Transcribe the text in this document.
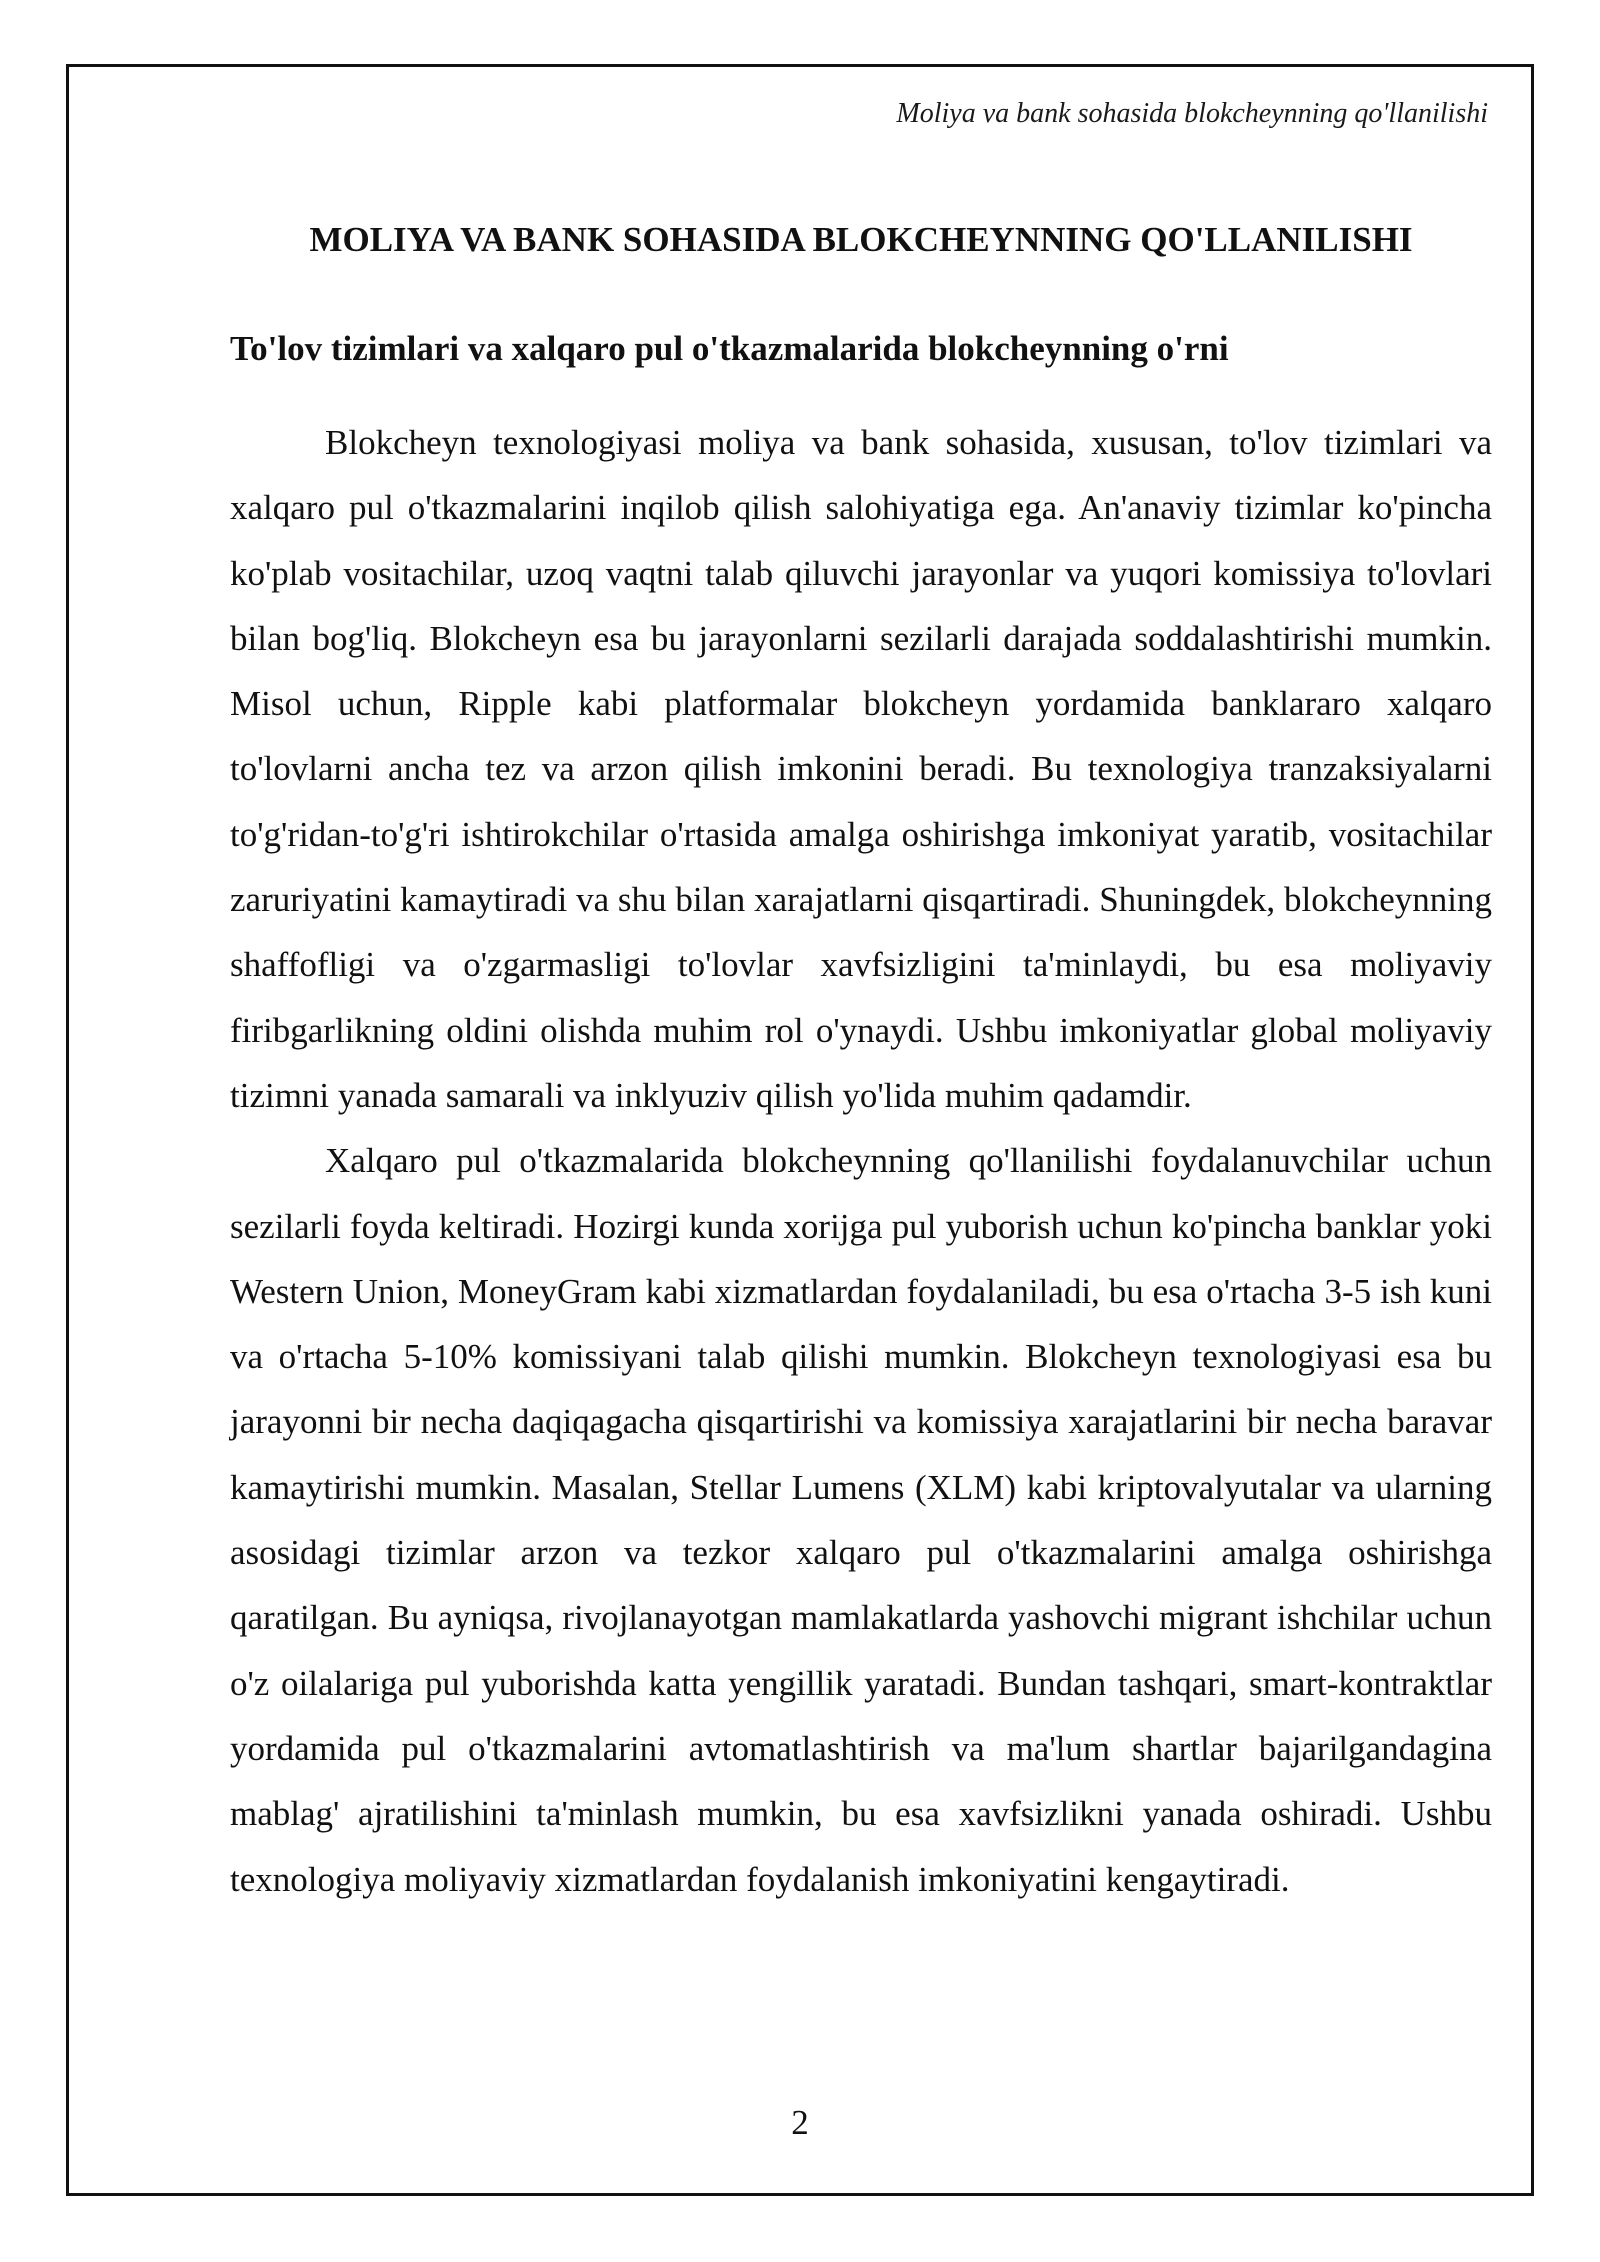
Moliya va bank sohasida blokcheynning qo'llanilishi
MOLIYA VA BANK SOHASIDA BLOKCHEYNNING QO'LLANILISHI
To'lov tizimlari va xalqaro pul o'tkazmalarida blokcheynning o'rni

Blokcheyn texnologiyasi moliya va bank sohasida, xususan, to'lov tizimlari va xalqaro pul o'tkazmalarini inqilob qilish salohiyatiga ega. An'anaviy tizimlar ko'pincha ko'plab vositachilar, uzoq vaqtni talab qiluvchi jarayonlar va yuqori komissiya to'lovlari bilan bog'liq. Blokcheyn esa bu jarayonlarni sezilarli darajada soddalashtirishi mumkin. Misol uchun, Ripple kabi platformalar blokcheyn yordamida banklararo xalqaro to'lovlarni ancha tez va arzon qilish imkonini beradi. Bu texnologiya tranzaksiyalarni to'g'ridan-to'g'ri ishtirokchilar o'rtasida amalga oshirishga imkoniyat yaratib, vositachilar zaruriyatini kamaytiradi va shu bilan xarajatlarni qisqartiradi. Shuningdek, blokcheynning shaffofligi va o'zgarmasligi to'lovlar xavfsizligini ta'minlaydi, bu esa moliyaviy firibgarlikning oldini olishda muhim rol o'ynaydi. Ushbu imkoniyatlar global moliyaviy tizimni yanada samarali va inklyuziv qilish yo'lida muhim qadamdir.

Xalqaro pul o'tkazmalarida blokcheynning qo'llanilishi foydalanuvchilar uchun sezilarli foyda keltiradi. Hozirgi kunda xorijga pul yuborish uchun ko'pincha banklar yoki Western Union, MoneyGram kabi xizmatlardan foydalaniladi, bu esa o'rtacha 3-5 ish kuni va o'rtacha 5-10% komissiyani talab qilishi mumkin. Blokcheyn texnologiyasi esa bu jarayonni bir necha daqiqagacha qisqartirishi va komissiya xarajatlarini bir necha baravar kamaytirishi mumkin. Masalan, Stellar Lumens (XLM) kabi kriptovalyutalar va ularning asosidagi tizimlar arzon va tezkor xalqaro pul o'tkazmalarini amalga oshirishga qaratilgan. Bu ayniqsa, rivojlanayotgan mamlakatlarda yashovchi migrant ishchilar uchun o'z oilalariga pul yuborishda katta yengillik yaratadi. Bundan tashqari, smart-kontraktlar yordamida pul o'tkazmalarini avtomatlashtirish va ma'lum shartlar bajarilgandagina mablag' ajratilishini ta'minlash mumkin, bu esa xavfsizlikni yanada oshiradi. Ushbu texnologiya moliyaviy xizmatlardan foydalanish imkoniyatini kengaytiradi.

2
